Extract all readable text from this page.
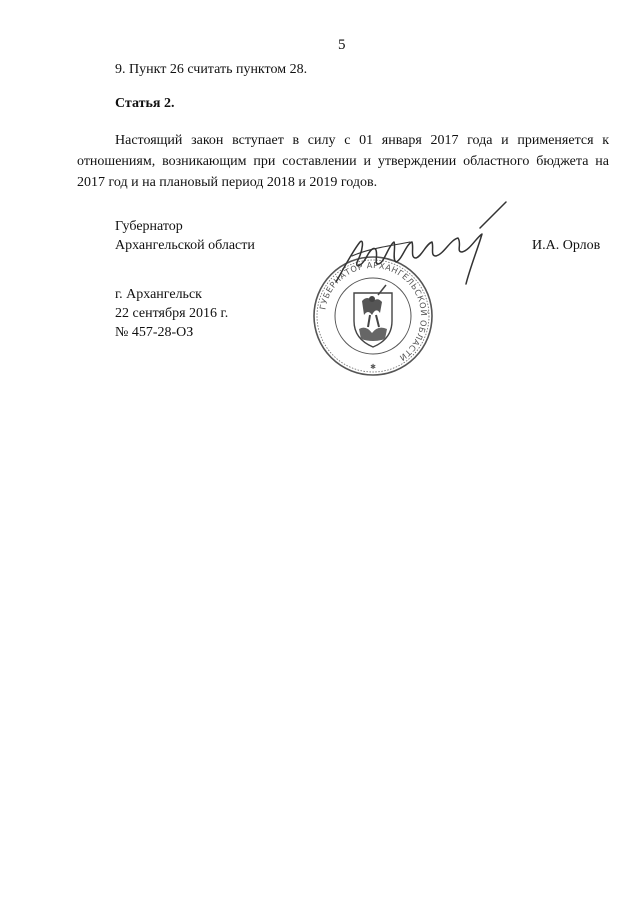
5
9. Пункт 26 считать пунктом 28.
Статья 2.

Настоящий закон вступает в силу с 01 января 2017 года и применяется к отношениям, возникающим при составлении и утверждении областного бюджета на 2017 год и на плановый период 2018 и 2019 годов.

Губернатор
Архангельской области	И.А. Орлов
г. Архангельск
22 сентября 2016 г.
№ 457-28-ОЗ
ГУБЕРНАТОР АРХАНГЕЛЬСКОЙ ОБЛАСТИ
✱
